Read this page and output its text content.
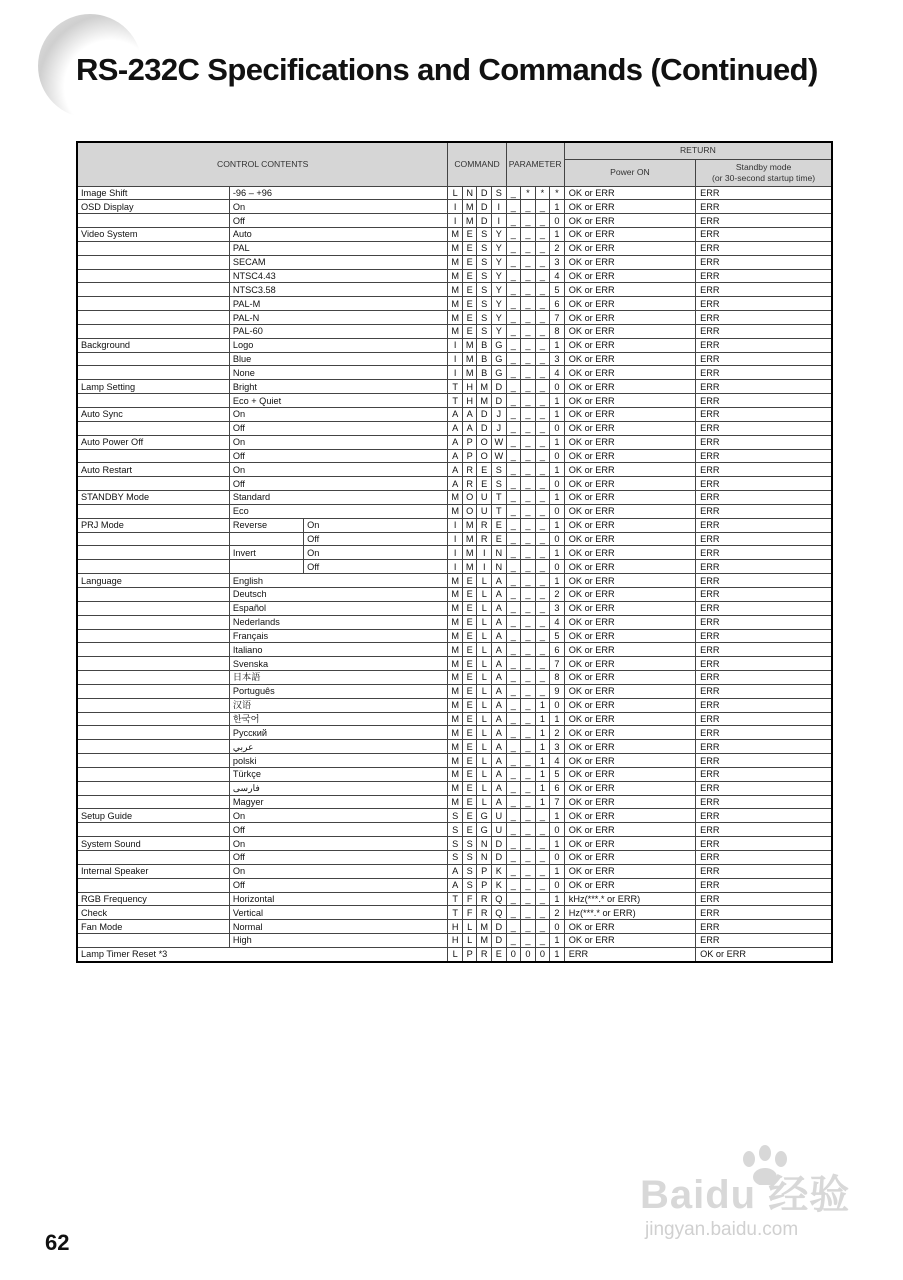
RS-232C Specifications and Commands (Continued)
CONTROL CONTENTS			COMMAND				PARAMETER				RETURN	
											Power ON	Standby mode
(or 30-second startup time)
Image Shift	-96 – +96		L	N	D	S	_	*	*	*	OK or ERR	ERR
OSD Display	On		I	M	D	I	_	_	_	1	OK or ERR	ERR
	Off		I	M	D	I	_	_	_	0	OK or ERR	ERR
Video System	Auto		M	E	S	Y	_	_	_	1	OK or ERR	ERR
	PAL		M	E	S	Y	_	_	_	2	OK or ERR	ERR
	SECAM		M	E	S	Y	_	_	_	3	OK or ERR	ERR
	NTSC4.43		M	E	S	Y	_	_	_	4	OK or ERR	ERR
	NTSC3.58		M	E	S	Y	_	_	_	5	OK or ERR	ERR
	PAL-M		M	E	S	Y	_	_	_	6	OK or ERR	ERR
	PAL-N		M	E	S	Y	_	_	_	7	OK or ERR	ERR
	PAL-60		M	E	S	Y	_	_	_	8	OK or ERR	ERR
Background	Logo		I	M	B	G	_	_	_	1	OK or ERR	ERR
	Blue		I	M	B	G	_	_	_	3	OK or ERR	ERR
	None		I	M	B	G	_	_	_	4	OK or ERR	ERR
Lamp Setting	Bright		T	H	M	D	_	_	_	0	OK or ERR	ERR
	Eco + Quiet		T	H	M	D	_	_	_	1	OK or ERR	ERR
Auto Sync	On		A	A	D	J	_	_	_	1	OK or ERR	ERR
	Off		A	A	D	J	_	_	_	0	OK or ERR	ERR
Auto Power Off	On		A	P	O	W	_	_	_	1	OK or ERR	ERR
	Off		A	P	O	W	_	_	_	0	OK or ERR	ERR
Auto Restart	On		A	R	E	S	_	_	_	1	OK or ERR	ERR
	Off		A	R	E	S	_	_	_	0	OK or ERR	ERR
STANDBY Mode	Standard		M	O	U	T	_	_	_	1	OK or ERR	ERR
	Eco		M	O	U	T	_	_	_	0	OK or ERR	ERR
PRJ Mode	Reverse	On	I	M	R	E	_	_	_	1	OK or ERR	ERR
		Off	I	M	R	E	_	_	_	0	OK or ERR	ERR
	Invert	On	I	M	I	N	_	_	_	1	OK or ERR	ERR
		Off	I	M	I	N	_	_	_	0	OK or ERR	ERR
Language	English		M	E	L	A	_	_	_	1	OK or ERR	ERR
	Deutsch		M	E	L	A	_	_	_	2	OK or ERR	ERR
	Español		M	E	L	A	_	_	_	3	OK or ERR	ERR
	Nederlands		M	E	L	A	_	_	_	4	OK or ERR	ERR
	Français		M	E	L	A	_	_	_	5	OK or ERR	ERR
	Italiano		M	E	L	A	_	_	_	6	OK or ERR	ERR
	Svenska		M	E	L	A	_	_	_	7	OK or ERR	ERR
	日本語		M	E	L	A	_	_	_	8	OK or ERR	ERR
	Português		M	E	L	A	_	_	_	9	OK or ERR	ERR
	汉语		M	E	L	A	_	_	1	0	OK or ERR	ERR
	한국어		M	E	L	A	_	_	1	1	OK or ERR	ERR
	Русский		M	E	L	A	_	_	1	2	OK or ERR	ERR
	عربي		M	E	L	A	_	_	1	3	OK or ERR	ERR
	polski		M	E	L	A	_	_	1	4	OK or ERR	ERR
	Türkçe		M	E	L	A	_	_	1	5	OK or ERR	ERR
	فارسی		M	E	L	A	_	_	1	6	OK or ERR	ERR
	Magyer		M	E	L	A	_	_	1	7	OK or ERR	ERR
Setup Guide	On		S	E	G	U	_	_	_	1	OK or ERR	ERR
	Off		S	E	G	U	_	_	_	0	OK or ERR	ERR
System Sound	On		S	S	N	D	_	_	_	1	OK or ERR	ERR
	Off		S	S	N	D	_	_	_	0	OK or ERR	ERR
Internal Speaker	On		A	S	P	K	_	_	_	1	OK or ERR	ERR
	Off		A	S	P	K	_	_	_	0	OK or ERR	ERR
RGB Frequency	Horizontal		T	F	R	Q	_	_	_	1	kHz(***.* or ERR)	ERR
Check	Vertical		T	F	R	Q	_	_	_	2	Hz(***.* or ERR)	ERR
Fan Mode	Normal		H	L	M	D	_	_	_	0	OK or ERR	ERR
	High		H	L	M	D	_	_	_	1	OK or ERR	ERR
Lamp Timer Reset *3			L	P	R	E	0	0	0	1	ERR	OK or ERR
62
Baidu 经验
jingyan.baidu.com
